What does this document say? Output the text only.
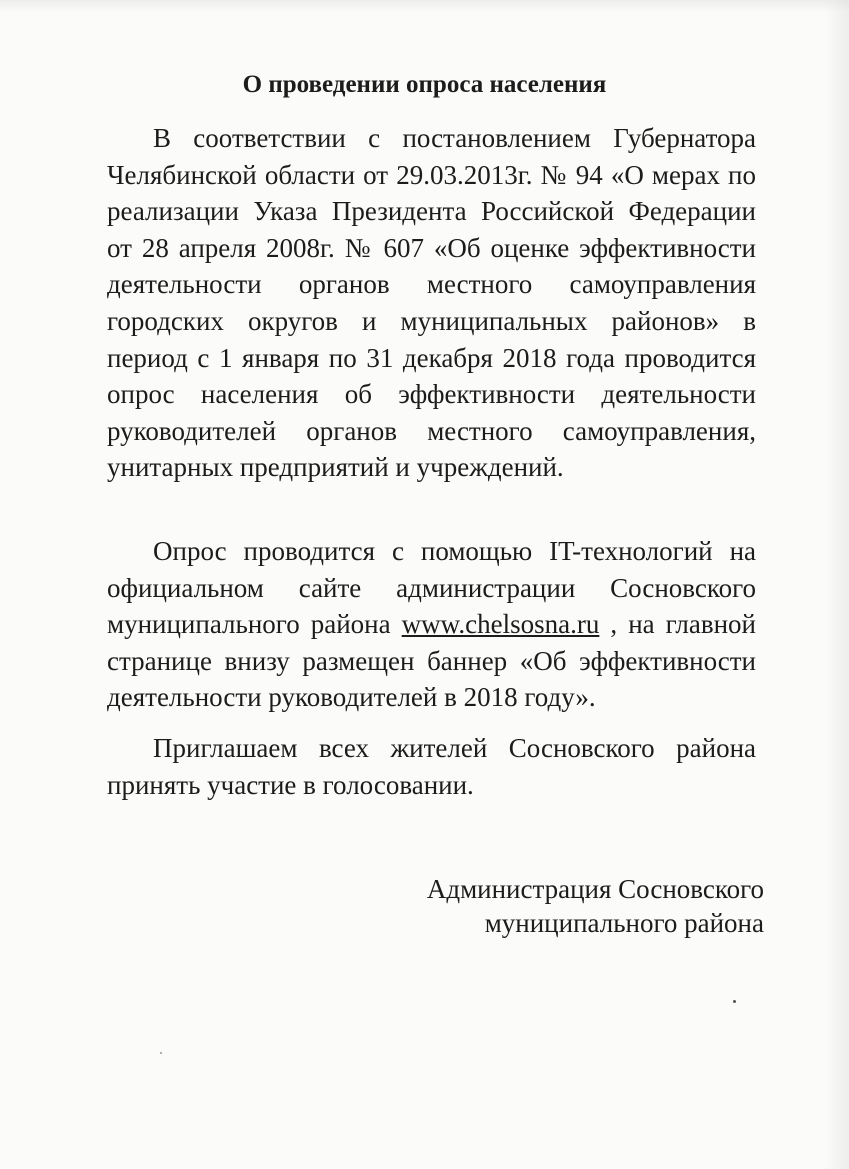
О проведении опроса населения

В соответствии с постановлением Губернатора Челябинской области от 29.03.2013г. № 94 «О мерах по реализации Указа Президента Российской Федерации от 28 апреля 2008г. № 607 «Об оценке эффективности деятельности органов местного самоуправления городских округов и муниципальных районов» в период с 1 января по 31 декабря 2018 года проводится опрос населения об эффективности деятельности руководителей органов местного самоуправления, унитарных предприятий и учреждений.

Опрос проводится с помощью IT-технологий на официальном сайте администрации Сосновского муниципального района www.chelsosna.ru , на главной странице внизу размещен баннер «Об эффективности деятельности руководителей в 2018 году».

Приглашаем всех жителей Сосновского района принять участие в голосовании.

Администрация Сосновского
муниципального района
